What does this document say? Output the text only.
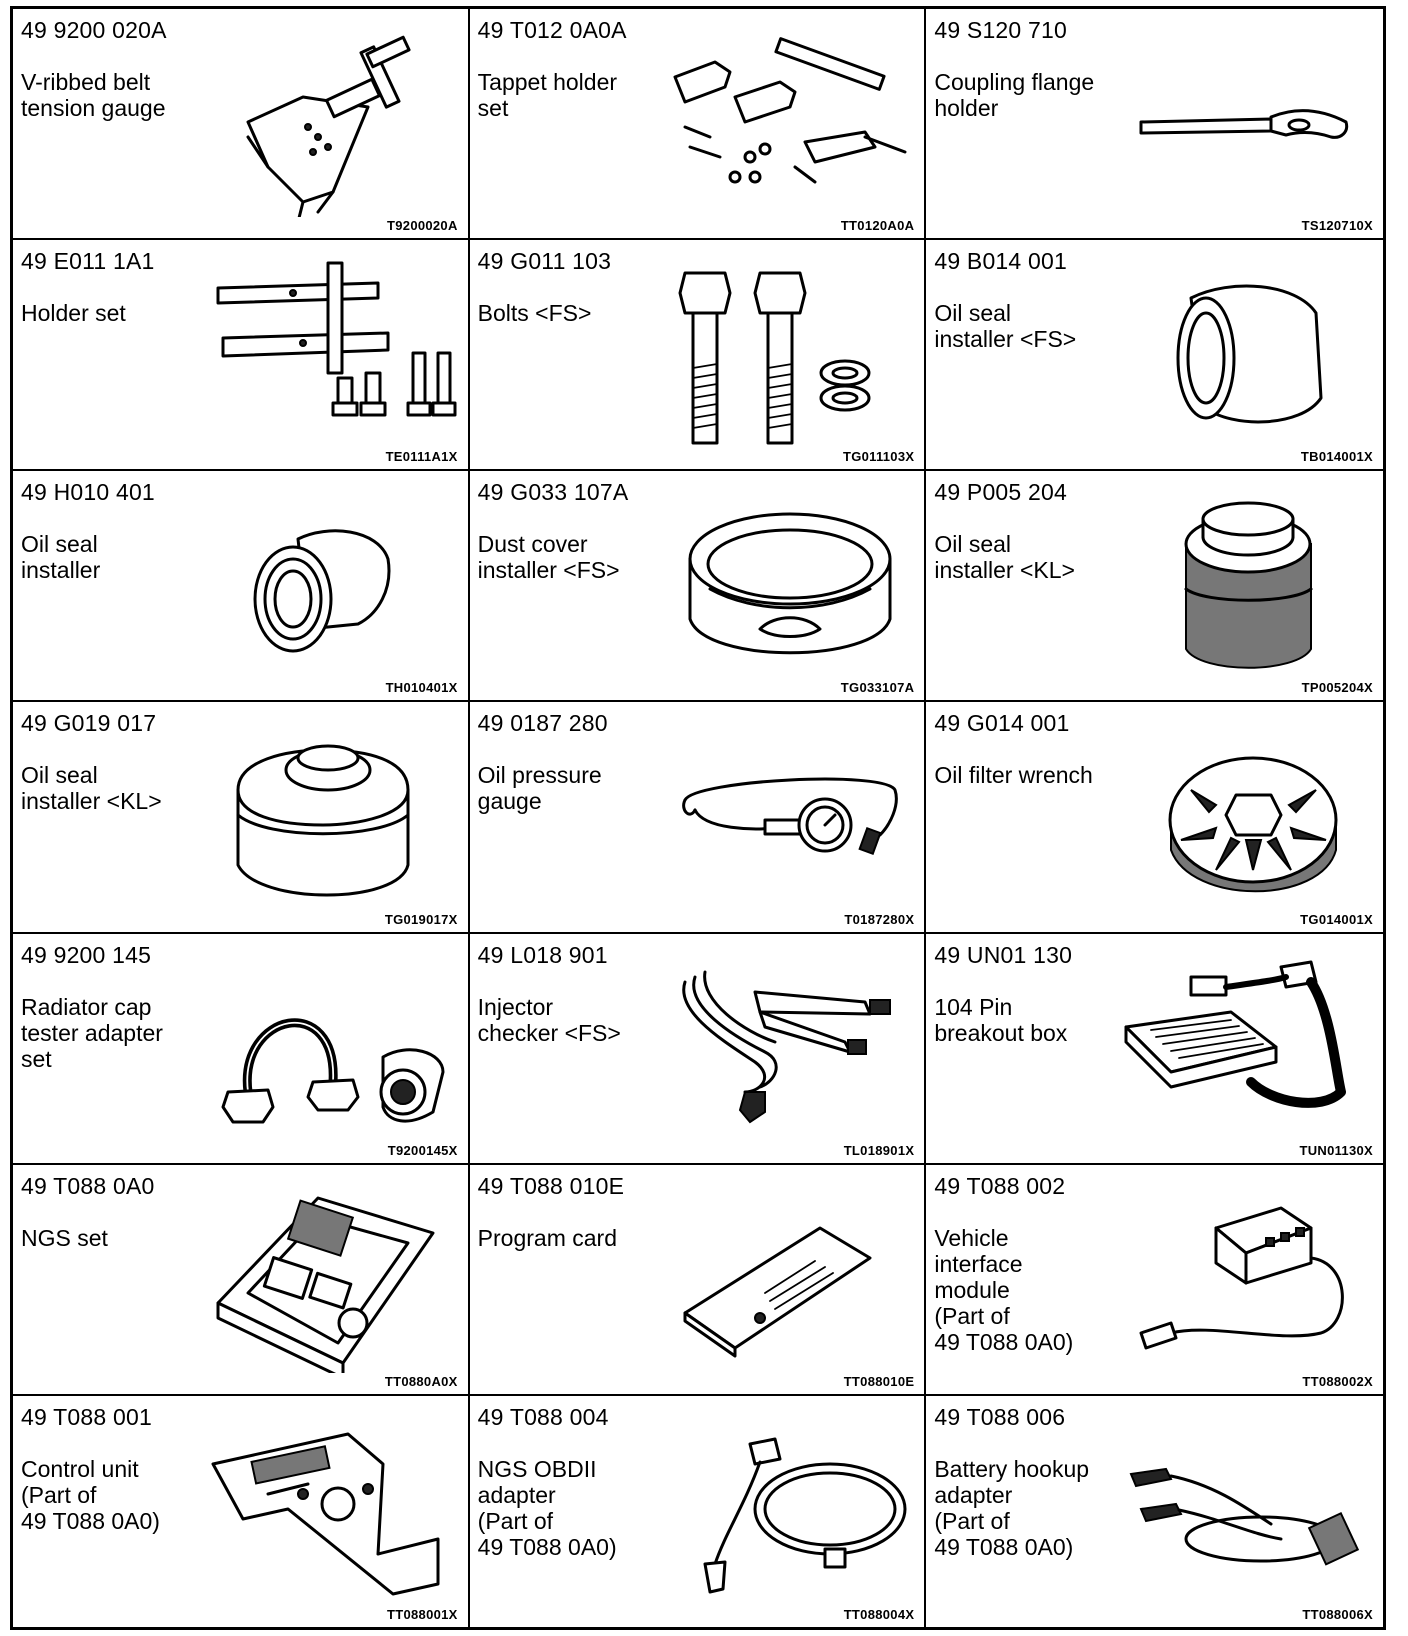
49 9200 020A
V-ribbed belt
tension gauge
T9200020A
49 T012 0A0A
Tappet holder
set
TT0120A0A
49 S120 710
Coupling flange
holder
TS120710X
49 E011 1A1
Holder set
TE0111A1X
49 G011 103
Bolts <FS>
TG011103X
49 B014 001
Oil seal
installer <FS>
TB014001X
49 H010 401
Oil seal
installer
TH010401X
49 G033 107A
Dust cover
installer <FS>
TG033107A
49 P005 204
Oil seal
installer <KL>
TP005204X
49 G019 017
Oil seal
installer <KL>
TG019017X
49 0187 280
Oil pressure
gauge
T0187280X
49 G014 001
Oil filter wrench
TG014001X
49 9200 145
Radiator cap
tester adapter
set
T9200145X
49 L018 901
Injector
checker <FS>
TL018901X
49 UN01 130
104 Pin
breakout box
TUN01130X
49 T088 0A0
NGS set
TT0880A0X
49 T088 010E
Program card
TT088010E
49 T088 002
Vehicle
interface
module
(Part of
49 T088 0A0)
TT088002X
49 T088 001
Control unit
(Part of
49 T088 0A0)
TT088001X
49 T088 004
NGS OBDII
adapter
(Part of
49 T088 0A0)
TT088004X
49 T088 006
Battery hookup
adapter
(Part of
49 T088 0A0)
TT088006X
